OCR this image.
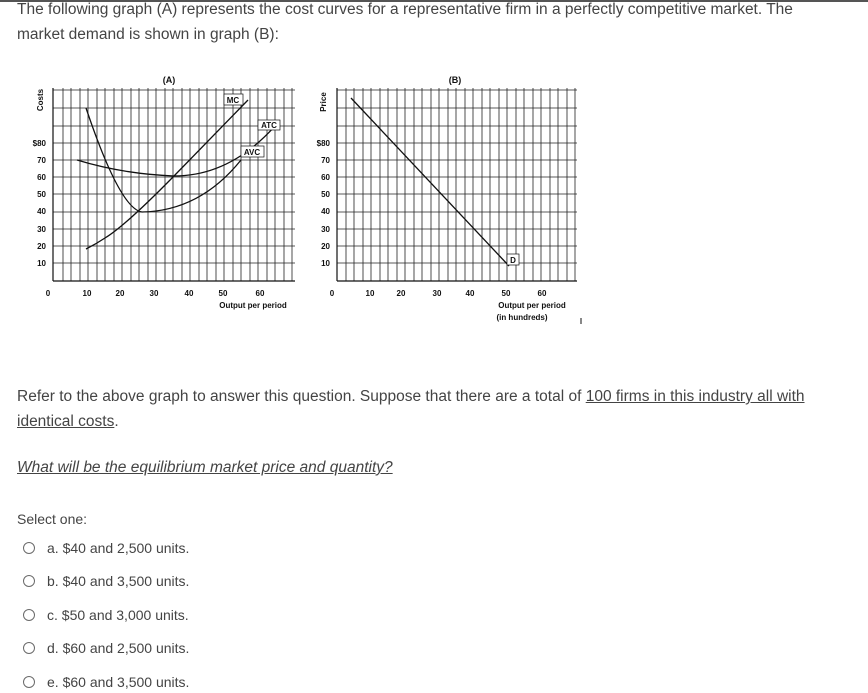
The following graph (A) represents the cost curves for a representative firm in a perfectly competitive market. The
market demand is shown in graph (B):
(A)
Costs
$80
70
60
50
40
30
20
10
0	10	20	30	40	50	60
Output per period
MC
ATC
AVC
(B)
Price
$80
70
60
50
40
30
20
10
0	10	20	30	40	50	60
Output per period
(in hundreds)
D
Refer to the above graph to answer this question. Suppose that there are a total of 100 firms in this industry all with
identical costs.
What will be the equilibrium market price and quantity?
Select one:
a. $40 and 2,500 units.
b. $40 and 3,500 units.
c. $50 and 3,000 units.
d. $60 and 2,500 units.
e. $60 and 3,500 units.
